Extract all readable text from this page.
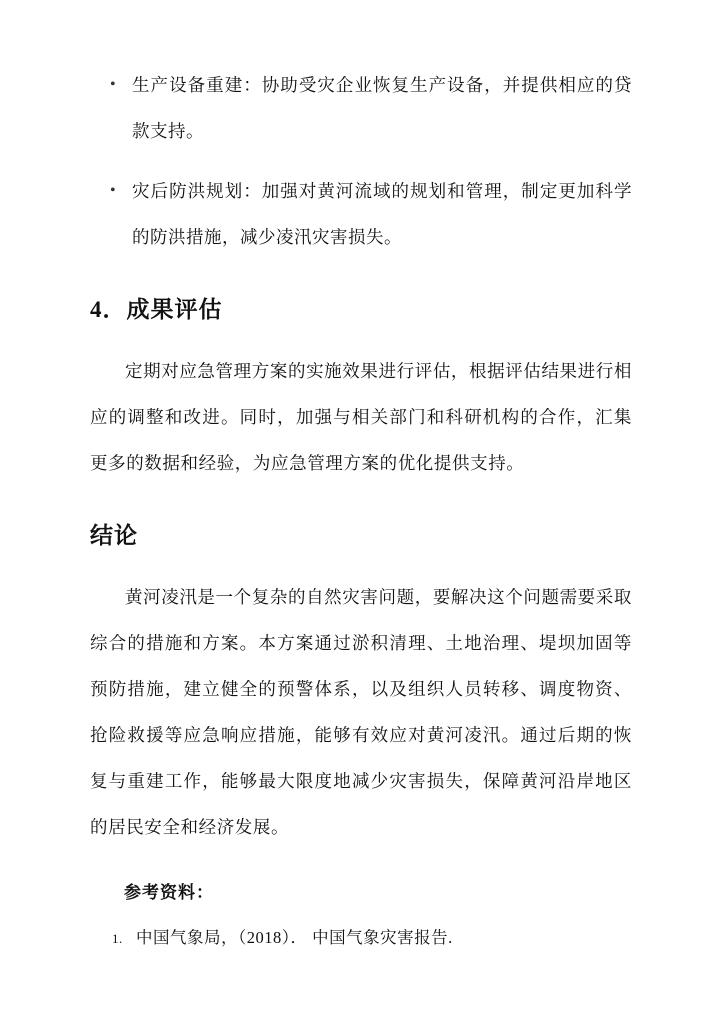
• 生产设备重建：协助受灾企业恢复生产设备，并提供相应的贷款支持。
• 灾后防洪规划：加强对黄河流域的规划和管理，制定更加科学的防洪措施，减少凌汛灾害损失。
4．成果评估

定期对应急管理方案的实施效果进行评估，根据评估结果进行相应的调整和改进。同时，加强与相关部门和科研机构的合作，汇集更多的数据和经验，为应急管理方案的优化提供支持。

结论

黄河凌汛是一个复杂的自然灾害问题，要解决这个问题需要采取综合的措施和方案。本方案通过淤积清理、土地治理、堤坝加固等预防措施，建立健全的预警体系，以及组织人员转移、调度物资、抢险救援等应急响应措施，能够有效应对黄河凌汛。通过后期的恢复与重建工作，能够最大限度地减少灾害损失，保障黄河沿岸地区的居民安全和经济发展。

参考资料：
1. 中国气象局，（2018）． 中国气象灾害报告.
